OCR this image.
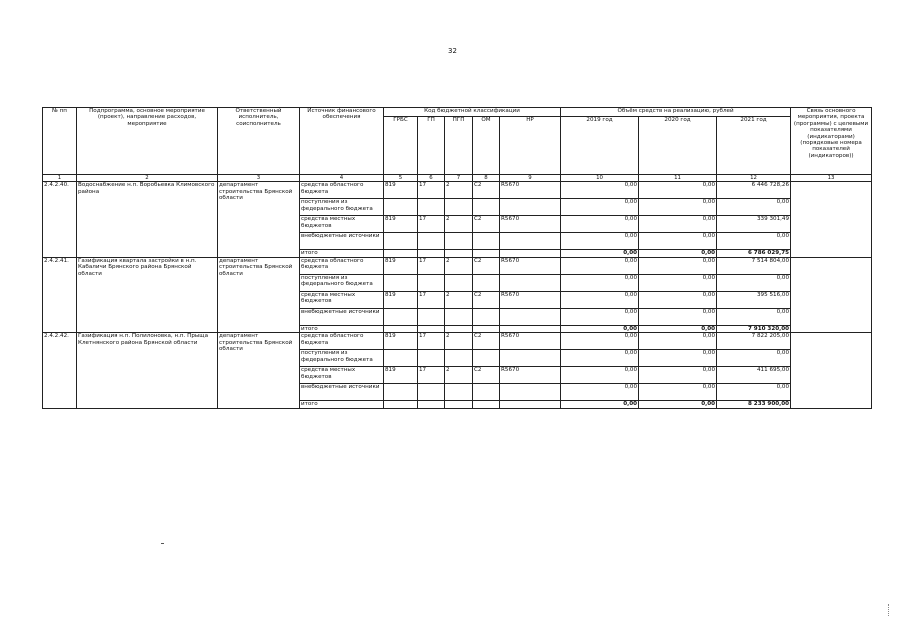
32
№ пп	Подпрограмма, основное мероприятие (проект), направление расходов, мероприятие	Ответственный исполнитель, соисполнитель	Источник финансового обеспечения	Код бюджетной классификации					Объём средств на реализацию, рублей			Связь основного мероприятия, проекта (программы) с целевыми показателями (индикаторами) (порядковые номера показателей (индикаторов))
				ГРБС	ГП	ПГП	ОМ	НР	2019 год	2020 год	2021 год	
1	2	3	4	5	6	7	8	9	10	11	12	13
2.4.2.40.	Водоснабжение н.п. Воробьевка Климовского района	департамент строительства Брянской области	средства областного бюджета	819	17	2	С2	R5670	0,00	0,00	6 446 728,26	
			поступления из федерального бюджета						0,00	0,00	0,00	
			средства местных бюджетов	819	17	2	С2	R5670	0,00	0,00	339 301,49	
			внебюджетные источники						0,00	0,00	0,00	
			итого						0,00	0,00	6 786 029,75	
2.4.2.41.	Газификация квартала застройки в н.п. Кабаличи Брянского района Брянской области	департамент строительства Брянской области	средства областного бюджета	819	17	2	С2	R5670	0,00	0,00	7 514 804,00	
			поступления из федерального бюджета						0,00	0,00	0,00	
			средства местных бюджетов	819	17	2	С2	R5670	0,00	0,00	395 516,00	
			внебюджетные источники						0,00	0,00	0,00	
			итого						0,00	0,00	7 910 320,00	
2.4.2.42.	Газификация н.п. Полилоновка, н.п. Прыща Клетнянского района Брянской области	департамент строительства Брянской области	средства областного бюджета	819	17	2	С2	R5670	0,00	0,00	7 822 205,00	
			поступления из федерального бюджета						0,00	0,00	0,00	
			средства местных бюджетов	819	17	2	С2	R5670	0,00	0,00	411 695,00	
			внебюджетные источники						0,00	0,00	0,00	
			итого						0,00	0,00	8 233 900,00	
